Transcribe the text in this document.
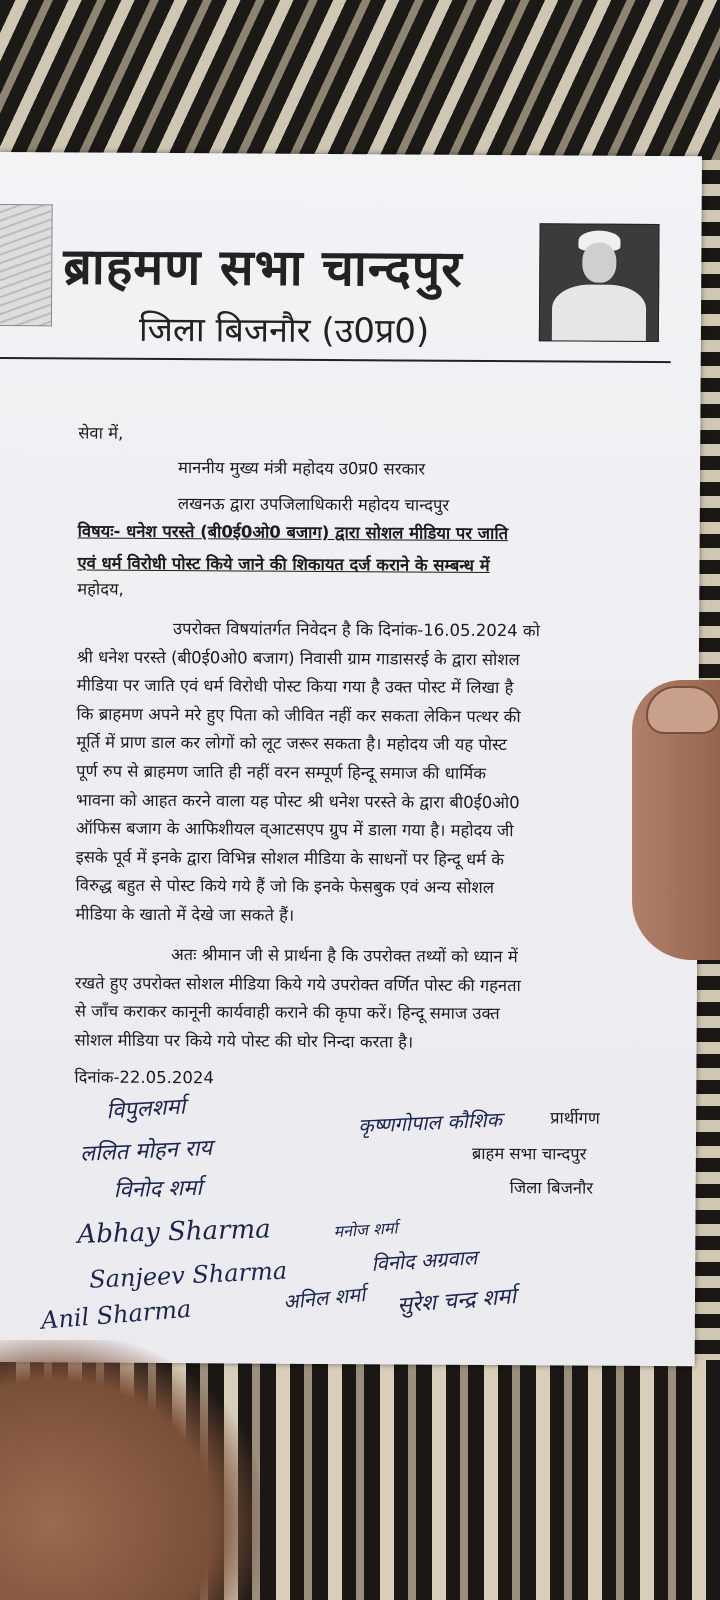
ब्राहमण सभा चान्दपुर
जिला बिजनौर (उ0प्र0)
सेवा में,
माननीय मुख्य मंत्री महोदय उ0प्र0 सरकार
लखनऊ द्वारा उपजिलाधिकारी महोदय चान्दपुर
विषयः- धनेश परस्ते (बी0ई0ओ0 बजाग) द्वारा सोशल मीडिया पर जाति
एवं धर्म विरोधी पोस्ट किये जाने की शिकायत दर्ज कराने के सम्बन्ध में
महोदय,
उपरोक्त विषयांतर्गत निवेदन है कि दिनांक-16.05.2024 को
श्री धनेश परस्ते (बी0ई0ओ0 बजाग) निवासी ग्राम गाडासरई के द्वारा सोशल
मीडिया पर जाति एवं धर्म विरोधी पोस्ट किया गया है उक्त पोस्ट में लिखा है
कि ब्राहमण अपने मरे हुए पिता को जीवित नहीं कर सकता लेकिन पत्थर की
मूर्ति में प्राण डाल कर लोगों को लूट जरूर सकता है। महोदय जी यह पोस्ट
पूर्ण रुप से ब्राहमण जाति ही नहीं वरन सम्पूर्ण हिन्दू समाज की धार्मिक
भावना को आहत करने वाला यह पोस्ट श्री धनेश परस्ते के द्वारा बी0ई0ओ0
ऑफिस बजाग के आफिशीयल व्आटसएप ग्रुप में डाला गया है। महोदय जी
इसके पूर्व में इनके द्वारा विभिन्न सोशल मीडिया के साधनों पर हिन्दू धर्म के
विरुद्ध बहुत से पोस्ट किये गये हैं जो कि इनके फेसबुक एवं अन्य सोशल
मीडिया के खातो में देखे जा सकते हैं।
अतः श्रीमान जी से प्रार्थना है कि उपरोक्त तथ्यों को ध्यान में
रखते हुए उपरोक्त सोशल मीडिया किये गये उपरोक्त वर्णित पोस्ट की गहनता
से जाँच कराकर कानूनी कार्यवाही कराने की कृपा करें। हिन्दू समाज उक्त
सोशल मीडिया पर किये गये पोस्ट की घोर निन्दा करता है।
दिनांक-22.05.2024
प्रार्थीगण
ब्राहम सभा चान्दपुर
जिला बिजनौर
विपुलशर्मा
ललित मोहन राय
विनोद शर्मा
Abhay Sharma
Sanjeev Sharma
Anil Sharma
कृष्णगोपाल कौशिक
अनिल शर्मा
मनोज शर्मा
विनोद अग्रवाल
सुरेश चन्द्र शर्मा
